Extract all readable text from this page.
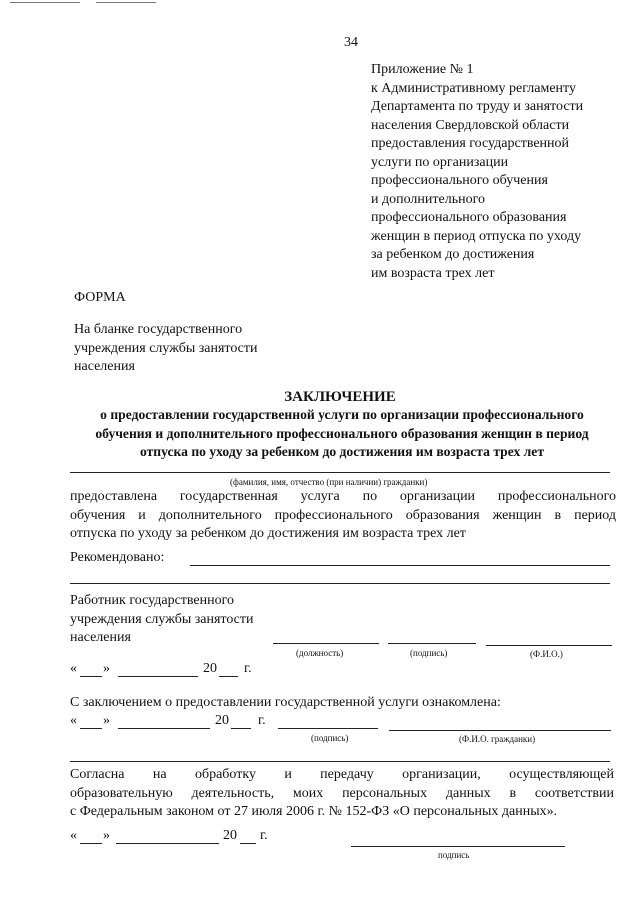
34
Приложение № 1
к Административному регламенту
Департамента по труду и занятости
населения Свердловской области
предоставления государственной
услуги по организации
профессионального обучения
и дополнительного
профессионального образования
женщин в период отпуска по уходу
за ребенком до достижения
им возраста трех лет
ФОРМА
На бланке государственного
учреждения службы занятости
населения
ЗАКЛЮЧЕНИЕ
о предоставлении государственной услуги по организации профессионального
обучения и дополнительного профессионального образования женщин в период
отпуска по уходу за ребенком до достижения им возраста трех лет
(фамилия, имя, отчество (при наличии) гражданки)
предоставлена государственная услуга по организации профессионального
обучения и дополнительного профессионального образования женщин в период
отпуска по уходу за ребенком до достижения им возраста трех лет
Рекомендовано:
Работник государственного
учреждения службы занятости
населения
(должность)	(подпись)	(Ф.И.О.)
« »	20 г.
С заключением о предоставлении государственной услуги ознакомлена:
« »	20 г.
(подпись)	(Ф.И.О. гражданки)
Согласна на обработку и передачу организации, осуществляющей
образовательную деятельность, моих персональных данных в соответствии
с Федеральным законом от 27 июля 2006 г. № 152-ФЗ «О персональных данных».
« »	20 г.
подпись
